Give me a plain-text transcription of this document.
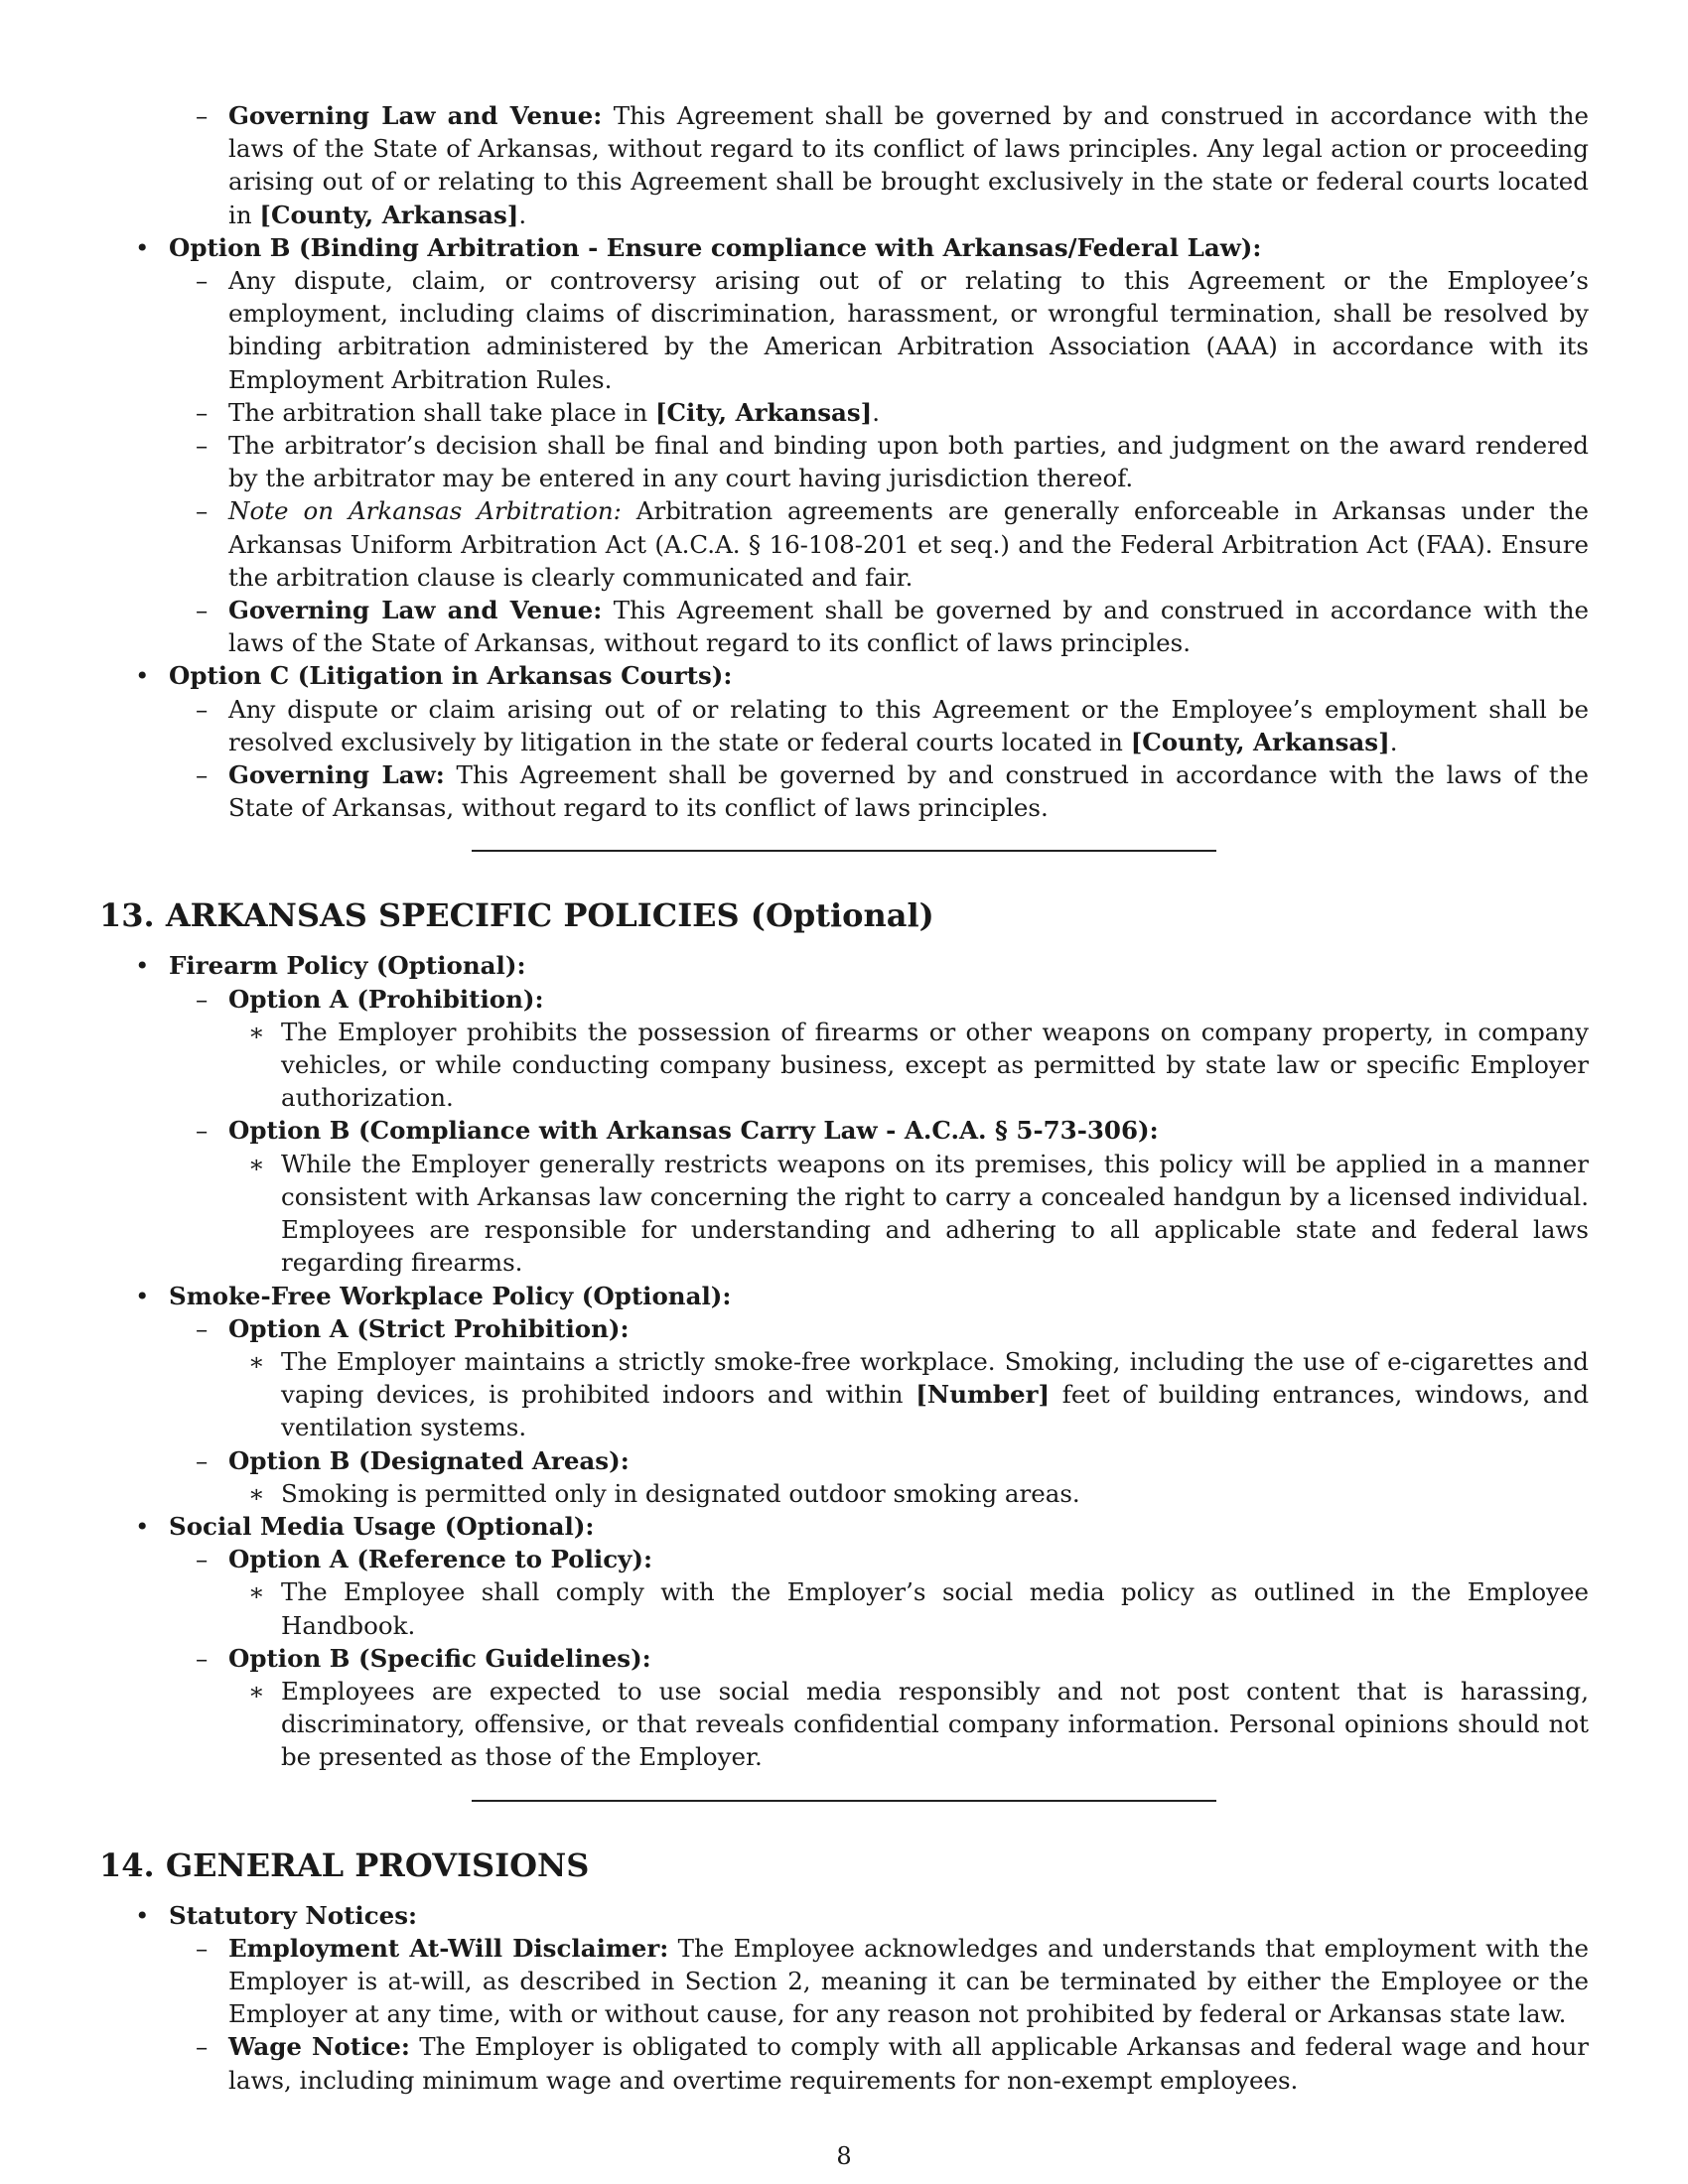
– Governing Law and Venue: This Agreement shall be governed by and construed in accordance with the laws of the State of Arkansas, without regard to its conflict of laws principles. Any legal action or proceeding arising out of or relating to this Agreement shall be brought exclusively in the state or federal courts located in [County, Arkansas].
• Option B (Binding Arbitration - Ensure compliance with Arkansas/Federal Law):
– Any dispute, claim, or controversy arising out of or relating to this Agreement or the Employee’s employment, including claims of discrimination, harassment, or wrongful termination, shall be resolved by binding arbitration administered by the American Arbitration Association (AAA) in accordance with its Employment Arbitration Rules.
– The arbitration shall take place in [City, Arkansas].
– The arbitrator’s decision shall be final and binding upon both parties, and judgment on the award rendered by the arbitrator may be entered in any court having jurisdiction thereof.
– Note on Arkansas Arbitration: Arbitration agreements are generally enforceable in Arkansas under the Arkansas Uniform Arbitration Act (A.C.A. § 16-108-201 et seq.) and the Federal Arbitration Act (FAA). Ensure the arbitration clause is clearly communicated and fair.
– Governing Law and Venue: This Agreement shall be governed by and construed in accordance with the laws of the State of Arkansas, without regard to its conflict of laws principles.
• Option C (Litigation in Arkansas Courts):
– Any dispute or claim arising out of or relating to this Agreement or the Employee’s employment shall be resolved exclusively by litigation in the state or federal courts located in [County, Arkansas].
– Governing Law: This Agreement shall be governed by and construed in accordance with the laws of the State of Arkansas, without regard to its conflict of laws principles.
13. ARKANSAS SPECIFIC POLICIES (Optional)
• Firearm Policy (Optional):
– Option A (Prohibition):
∗ The Employer prohibits the possession of firearms or other weapons on company property, in company vehicles, or while conducting company business, except as permitted by state law or specific Employer authorization.
– Option B (Compliance with Arkansas Carry Law - A.C.A. § 5-73-306):
∗ While the Employer generally restricts weapons on its premises, this policy will be applied in a manner consistent with Arkansas law concerning the right to carry a concealed handgun by a licensed individual. Employees are responsible for understanding and adhering to all applicable state and federal laws regarding firearms.
• Smoke-Free Workplace Policy (Optional):
– Option A (Strict Prohibition):
∗ The Employer maintains a strictly smoke-free workplace. Smoking, including the use of e-cigarettes and vaping devices, is prohibited indoors and within [Number] feet of building entrances, windows, and ventilation systems.
– Option B (Designated Areas):
∗ Smoking is permitted only in designated outdoor smoking areas.
• Social Media Usage (Optional):
– Option A (Reference to Policy):
∗ The Employee shall comply with the Employer’s social media policy as outlined in the Employee Handbook.
– Option B (Specific Guidelines):
∗ Employees are expected to use social media responsibly and not post content that is harassing, discriminatory, offensive, or that reveals confidential company information. Personal opinions should not be presented as those of the Employer.
14. GENERAL PROVISIONS
• Statutory Notices:
– Employment At-Will Disclaimer: The Employee acknowledges and understands that employment with the Employer is at-will, as described in Section 2, meaning it can be terminated by either the Employee or the Employer at any time, with or without cause, for any reason not prohibited by federal or Arkansas state law.
– Wage Notice: The Employer is obligated to comply with all applicable Arkansas and federal wage and hour laws, including minimum wage and overtime requirements for non-exempt employees.
8
